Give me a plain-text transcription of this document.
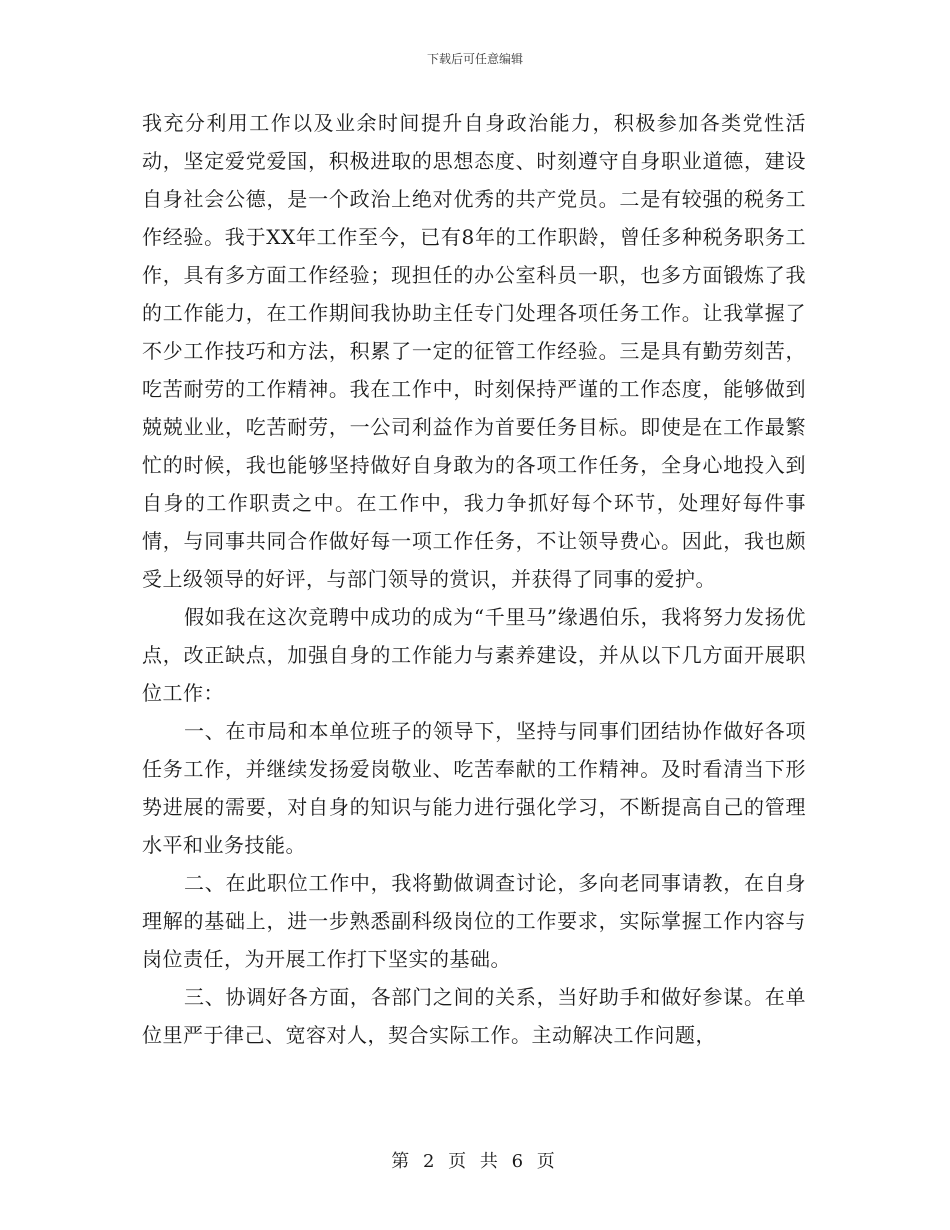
下载后可任意编辑

我充分利用工作以及业余时间提升自身政治能力，积极参加各类党性活动，坚定爱党爱国，积极进取的思想态度、时刻遵守自身职业道德，建设自身社会公德，是一个政治上绝对优秀的共产党员。二是有较强的税务工作经验。我于XX年工作至今，已有8年的工作职龄，曾任多种税务职务工作，具有多方面工作经验；现担任的办公室科员一职，也多方面锻炼了我的工作能力，在工作期间我协助主任专门处理各项任务工作。让我掌握了不少工作技巧和方法，积累了一定的征管工作经验。三是具有勤劳刻苦，吃苦耐劳的工作精神。我在工作中，时刻保持严谨的工作态度，能够做到兢兢业业，吃苦耐劳，一公司利益作为首要任务目标。即使是在工作最繁忙的时候，我也能够坚持做好自身敢为的各项工作任务，全身心地投入到自身的工作职责之中。在工作中，我力争抓好每个环节，处理好每件事情，与同事共同合作做好每一项工作任务，不让领导费心。因此，我也颇受上级领导的好评，与部门领导的赏识，并获得了同事的爱护。

假如我在这次竞聘中成功的成为“千里马”缘遇伯乐，我将努力发扬优点，改正缺点，加强自身的工作能力与素养建设，并从以下几方面开展职位工作：

一、在市局和本单位班子的领导下，坚持与同事们团结协作做好各项任务工作，并继续发扬爱岗敬业、吃苦奉献的工作精神。及时看清当下形势进展的需要，对自身的知识与能力进行强化学习，不断提高自己的管理水平和业务技能。

二、在此职位工作中，我将勤做调查讨论，多向老同事请教，在自身理解的基础上，进一步熟悉副科级岗位的工作要求，实际掌握工作内容与岗位责任，为开展工作打下坚实的基础。

三、协调好各方面，各部门之间的关系，当好助手和做好参谋。在单位里严于律己、宽容对人，契合实际工作。主动解决工作问题，

第 2 页 共 6 页
